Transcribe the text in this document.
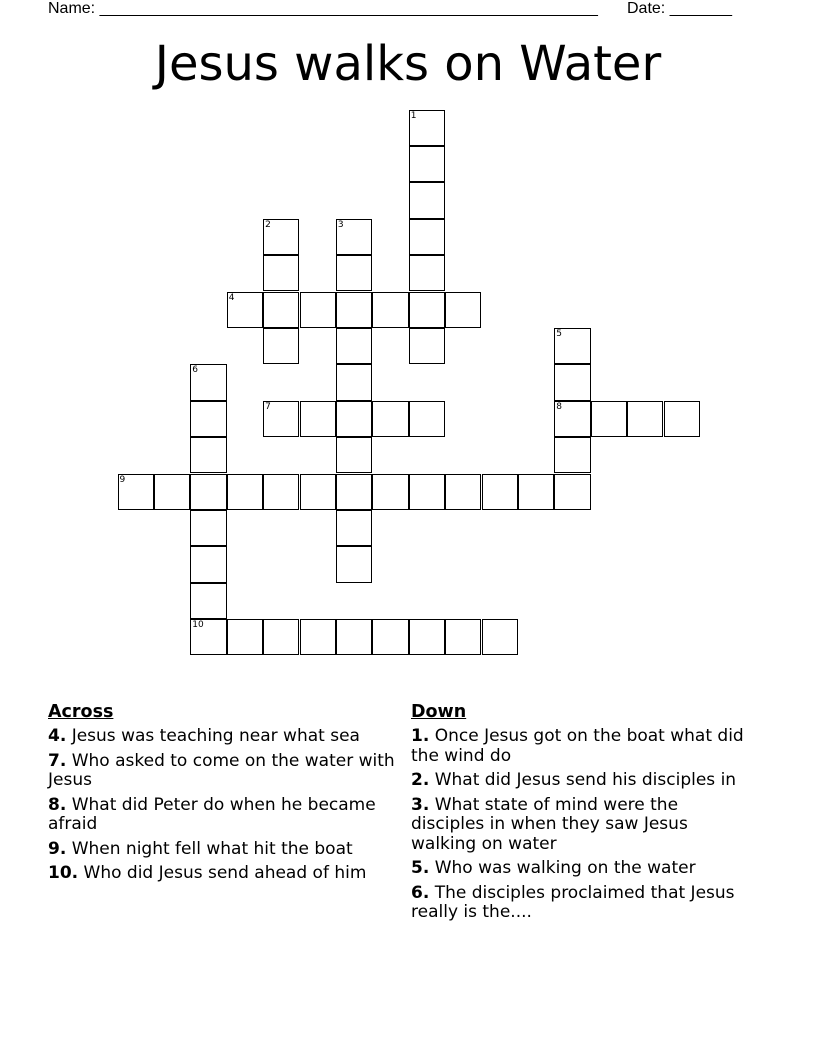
Name: ________________________________________________________ Date: _______
Jesus walks on Water
1
2	3
4
5
8
6
10
7
9
Across
4. Jesus was teaching near what sea
7. Who asked to come on the water with Jesus
8. What did Peter do when he became afraid
9. When night fell what hit the boat
10. Who did Jesus send ahead of him
Down
1. Once Jesus got on the boat what did the wind do
2. What did Jesus send his disciples in
3. What state of mind were the disciples in when they saw Jesus walking on water
5. Who was walking on the water
6. The disciples proclaimed that Jesus really is the....
